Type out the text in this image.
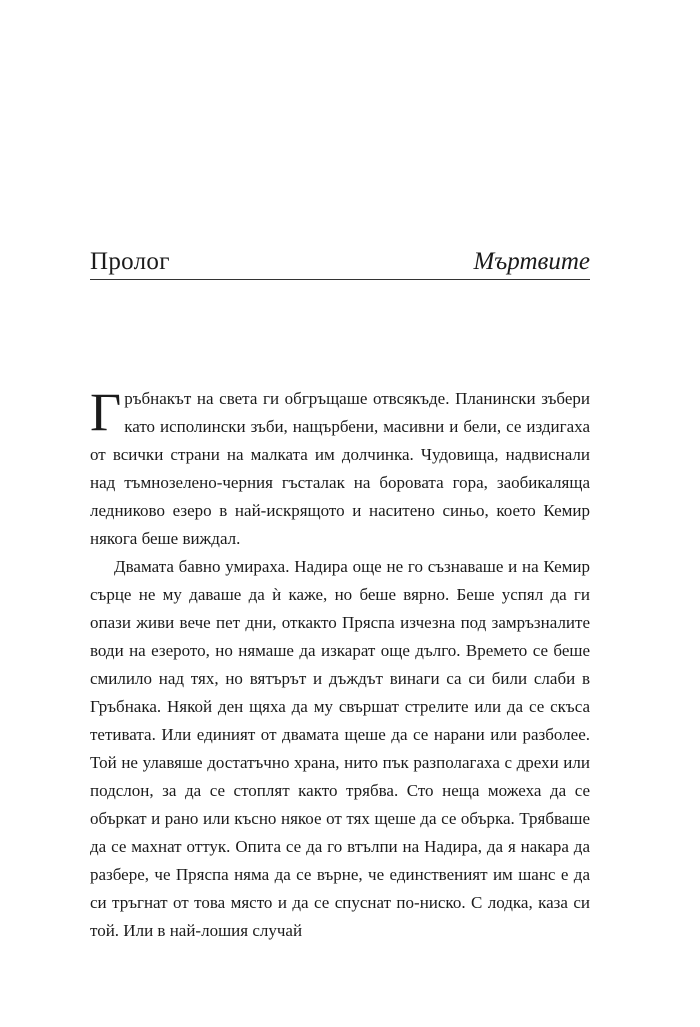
Пролог	Мъртвите

Гръбнакът на света ги обгръщаше отвсякъде. Планински зъбери като исполински зъби, нащърбени, масивни и бели, се издигаха от всички страни на малката им долчинка. Чудовища, надвиснали над тъмнозелено-черния гъсталак на боровата гора, заобикаляща ледниково езеро в най-искрящото и наситено синьо, което Кемир някога беше виждал.

Двамата бавно умираха. Надира още не го съзнаваше и на Кемир сърце не му даваше да ѝ каже, но беше вярно. Беше успял да ги опази живи вече пет дни, откакто Пряспа изчезна под замръзналите води на езерото, но нямаше да изкарат още дълго. Времето се беше смилило над тях, но вятърът и дъждът винаги са си били слаби в Гръбнака. Някой ден щяха да му свършат стрелите или да се скъса тетивата. Или единият от двамата щеше да се нарани или разболее. Той не улавяше достатъчно храна, нито пък разполагаха с дрехи или подслон, за да се стоплят както трябва. Сто неща можеха да се объркат и рано или късно някое от тях щеше да се обърка. Трябваше да се махнат оттук. Опита се да го втълпи на Надира, да я накара да разбере, че Пряспа няма да се върне, че единственият им шанс е да си тръгнат от това място и да се спуснат по-ниско. С лодка, каза си той. Или в най-лошия случай
